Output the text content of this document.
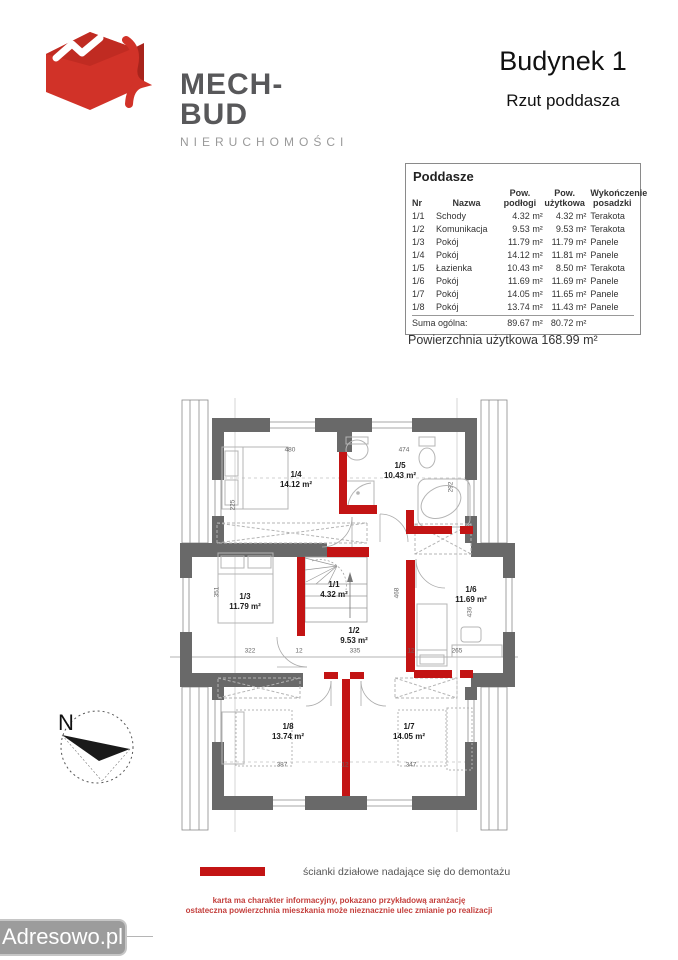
MECH-BUD
NIERUCHOMOŚCI
Budynek 1
Rzut poddasza
Poddasze
Nr	Nazwa	Pow. podłogi	Pow. użytkowa	Wykończenie posadzki
1/1	Schody	4.32 m²	4.32 m²	Terakota
1/2	Komunikacja	9.53 m²	9.53 m²	Terakota
1/3	Pokój	11.79 m²	11.79 m²	Panele
1/4	Pokój	14.12 m²	11.81 m²	Panele
1/5	Łazienka	10.43 m²	8.50 m²	Terakota
1/6	Pokój	11.69 m²	11.69 m²	Panele
1/7	Pokój	14.05 m²	11.65 m²	Panele
1/8	Pokój	13.74 m²	11.43 m²	Panele
Suma ogólna:		89.67 m²	80.72 m²	
Powierzchnia użytkowa 168.99 m²
N
1/4
14.12 m²
1/5
10.43 m²
1/1
4.32 m²
1/3
11.79 m²
1/2
9.53 m²
1/6
11.69 m²
1/8
13.74 m²
1/7
14.05 m²
322	12	335	12	265
480	474
468
292
225
351
436
387	12	347
ścianki działowe nadające się do demontażu
karta ma charakter informacyjny, pokazano przykładową aranżację
ostateczna powierzchnia mieszkania może nieznacznie ulec zmianie po realizacji
Adresowo.pl
